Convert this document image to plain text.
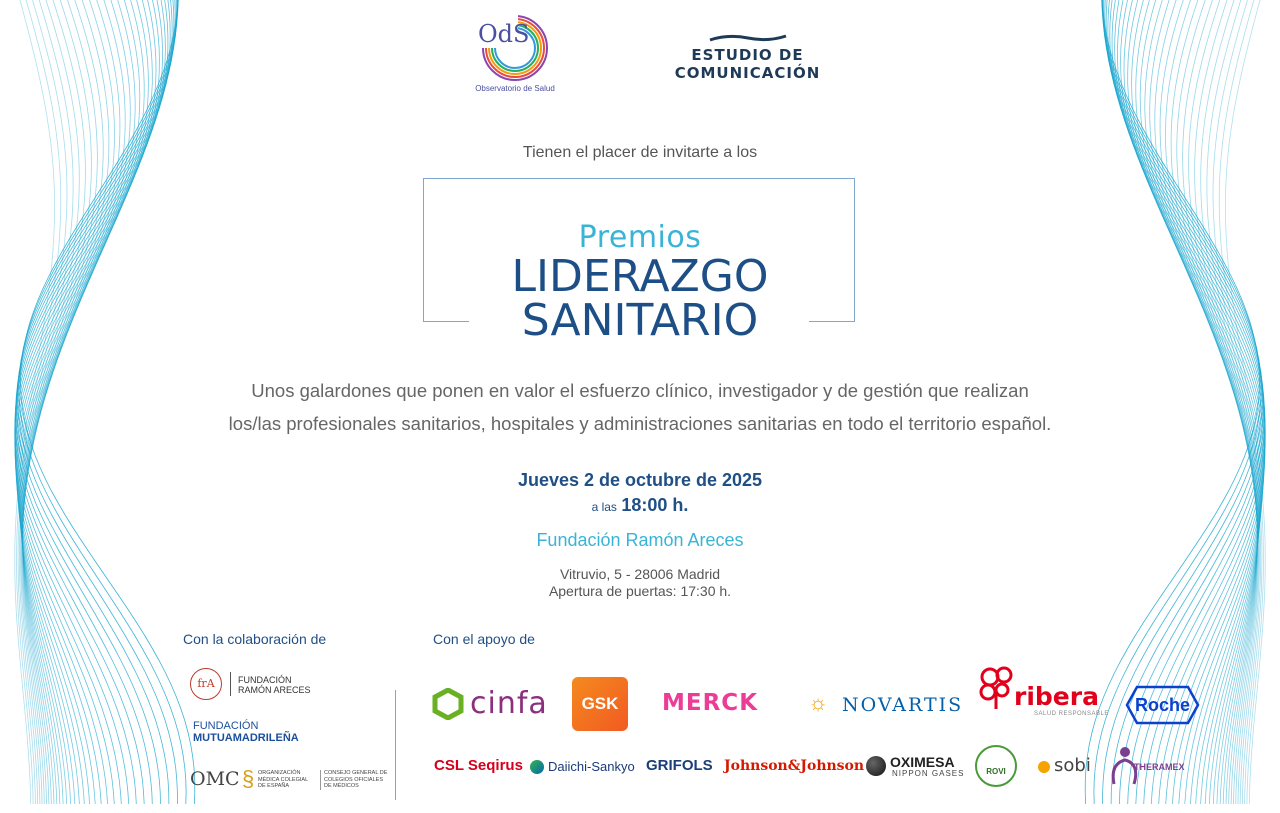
OdS
Observatorio de Salud
ESTUDIO DE
COMUNICACIÓN
Tienen el placer de invitarte a los
Premios
LIDERAZGO
SANITARIO
Unos galardones que ponen en valor el esfuerzo clínico, investigador y de gestión que realizan
los/las profesionales sanitarios, hospitales y administraciones sanitarias en todo el territorio español.
Jueves 2 de octubre de 2025
a las 18:00 h.
Fundación Ramón Areces
Vitruvio, 5 - 28006 Madrid
Apertura de puertas: 17:30 h.
Con la colaboración de	Con el apoyo de
frA	FUNDACIÓN
RAMÓN ARECES
FUNDACIÓN
MUTUAMADRILEÑA
OMC § ORGANIZACIÓN MÉDICA COLEGIAL DE ESPAÑA
CONSEJO GENERAL DE COLEGIOS OFICIALES DE MÉDICOS
cinfa	GSK	MERCK ☼ NOVARTIS ribera
SALUD RESPONSABLE	Roche
CSL Seqirus Daiichi-Sankyo GRIFOLS Johnson&Johnson OXIMESA
NIPPON GASES	ROVI	sobi	THERAMEX
